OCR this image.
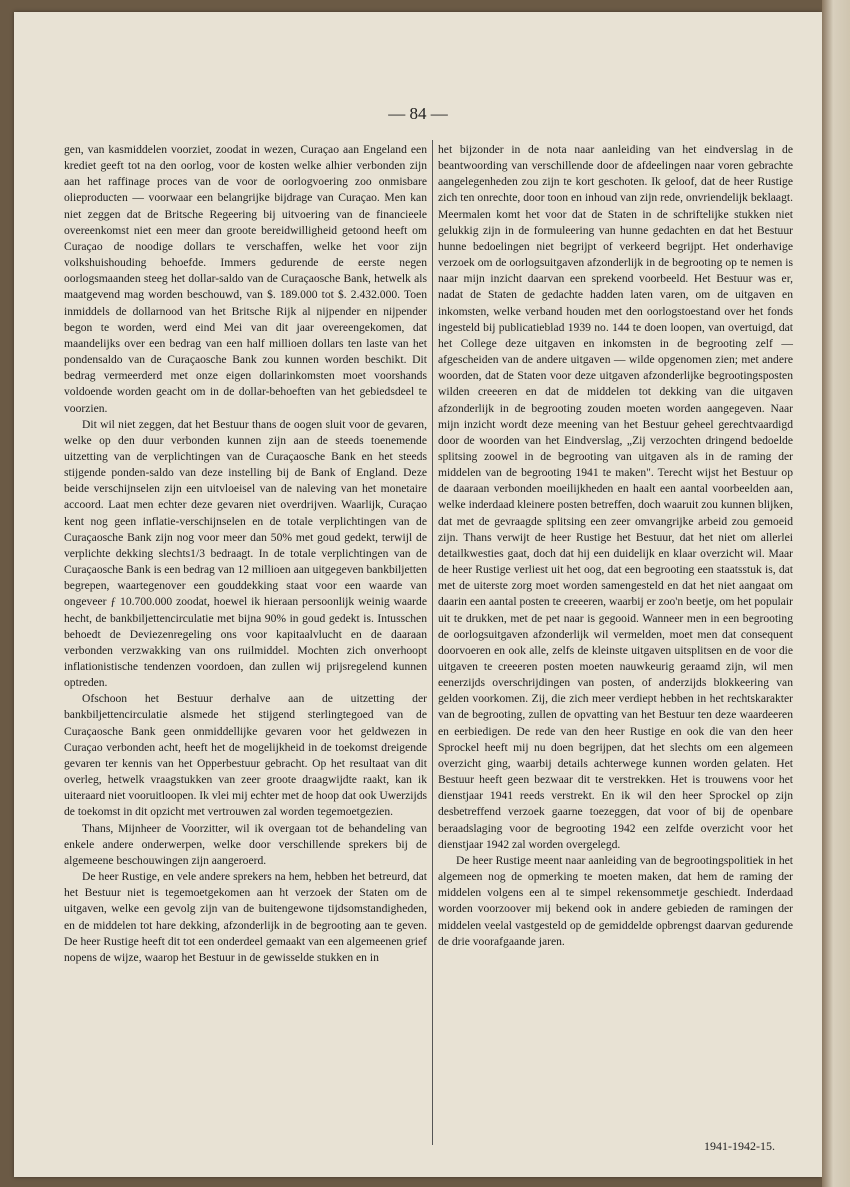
— 84 —

gen, van kasmiddelen voorziet, zoodat in wezen, Curaçao aan Engeland een krediet geeft tot na den oorlog, voor de kosten welke alhier verbonden zijn aan het raffinage proces van de voor de oorlogvoering zoo onmisbare olieproducten — voorwaar een belangrijke bijdrage van Curaçao. Men kan niet zeggen dat de Britsche Regeering bij uitvoering van de financieele overeenkomst niet een meer dan groote bereidwilligheid getoond heeft om Curaçao de noodige dollars te verschaffen, welke het voor zijn volkshuishouding behoefde. Immers gedurende de eerste negen oorlogsmaanden steeg het dollar-saldo van de Curaçaosche Bank, hetwelk als maatgevend mag worden beschouwd, van $. 189.000 tot $. 2.432.000. Toen inmiddels de dollarnood van het Britsche Rijk al nijpender en nijpender begon te worden, werd eind Mei van dit jaar overeengekomen, dat maandelijks over een bedrag van een half millioen dollars ten laste van het pondensaldo van de Curaçaosche Bank zou kunnen worden beschikt. Dit bedrag vermeerderd met onze eigen dollarinkomsten moet voorshands voldoende worden geacht om in de dollar-behoeften van het gebiedsdeel te voorzien.

Dit wil niet zeggen, dat het Bestuur thans de oogen sluit voor de gevaren, welke op den duur verbonden kunnen zijn aan de steeds toenemende uitzetting van de verplichtingen van de Curaçaosche Bank en het steeds stijgende ponden-saldo van deze instelling bij de Bank of England. Deze beide verschijnselen zijn een uitvloeisel van de naleving van het monetaire accoord. Laat men echter deze gevaren niet overdrijven. Waarlijk, Curaçao kent nog geen inflatie-verschijnselen en de totale verplichtingen van de Curaçaosche Bank zijn nog voor meer dan 50% met goud gedekt, terwijl de verplichte dekking slechts1/3 bedraagt. In de totale verplichtingen van de Curaçaosche Bank is een bedrag van 12 millioen aan uitgegeven bankbiljetten begrepen, waartegenover een gouddekking staat voor een waarde van ongeveer ƒ 10.700.000 zoodat, hoewel ik hieraan persoonlijk weinig waarde hecht, de bankbiljettencirculatie met bijna 90% in goud gedekt is. Intusschen behoedt de Deviezenregeling ons voor kapitaalvlucht en de daaraan verbonden verzwakking van ons ruilmiddel. Mochten zich onverhoopt inflationistische tendenzen voordoen, dan zullen wij prijsregelend kunnen optreden.

Ofschoon het Bestuur derhalve aan de uitzetting der bankbiljettencirculatie alsmede het stijgend sterlingtegoed van de Curaçaosche Bank geen onmiddellijke gevaren voor het geldwezen in Curaçao verbonden acht, heeft het de mogelijkheid in de toekomst dreigende gevaren ter kennis van het Opperbestuur gebracht. Op het resultaat van dit overleg, hetwelk vraagstukken van zeer groote draagwijdte raakt, kan ik uiteraard niet vooruitloopen. Ik vlei mij echter met de hoop dat ook Uwerzijds de toekomst in dit opzicht met vertrouwen zal worden tegemoetgezien.

Thans, Mijnheer de Voorzitter, wil ik overgaan tot de behandeling van enkele andere onderwerpen, welke door verschillende sprekers bij de algemeene beschouwingen zijn aangeroerd.

De heer Rustige, en vele andere sprekers na hem, hebben het betreurd, dat het Bestuur niet is tegemoetgekomen aan ht verzoek der Staten om de uitgaven, welke een gevolg zijn van de buitengewone tijdsomstandigheden, en de middelen tot hare dekking, afzonderlijk in de begrooting aan te geven. De heer Rustige heeft dit tot een onderdeel gemaakt van een algemeenen grief nopens de wijze, waarop het Bestuur in de gewisselde stukken en in

het bijzonder in de nota naar aanleiding van het eindverslag in de beantwoording van verschillende door de afdeelingen naar voren gebrachte aangelegenheden zou zijn te kort geschoten. Ik geloof, dat de heer Rustige zich ten onrechte, door toon en inhoud van zijn rede, onvriendelijk beklaagt. Meermalen komt het voor dat de Staten in de schriftelijke stukken niet gelukkig zijn in de formuleering van hunne gedachten en dat het Bestuur hunne bedoelingen niet begrijpt of verkeerd begrijpt. Het onderhavige verzoek om de oorlogsuitgaven afzonderlijk in de begrooting op te nemen is naar mijn inzicht daarvan een sprekend voorbeeld. Het Bestuur was er, nadat de Staten de gedachte hadden laten varen, om de uitgaven en inkomsten, welke verband houden met den oorlogstoestand over het fonds ingesteld bij publicatieblad 1939 no. 144 te doen loopen, van overtuigd, dat het College deze uitgaven en inkomsten in de begrooting zelf —afgescheiden van de andere uitgaven — wilde opgenomen zien; met andere woorden, dat de Staten voor deze uitgaven afzonderlijke begrootingsposten wilden creeeren en dat de middelen tot dekking van die uitgaven afzonderlijk in de begrooting zouden moeten worden aangegeven. Naar mijn inzicht wordt deze meening van het Bestuur geheel gerechtvaardigd door de woorden van het Eindverslag, „Zij verzochten dringend bedoelde splitsing zoowel in de begrooting van uitgaven als in de raming der middelen van de begrooting 1941 te maken". Terecht wijst het Bestuur op de daaraan verbonden moeilijkheden en haalt een aantal voorbeelden aan, welke inderdaad kleinere posten betreffen, doch waaruit zou kunnen blijken, dat met de gevraagde splitsing een zeer omvangrijke arbeid zou gemoeid zijn. Thans verwijt de heer Rustige het Bestuur, dat het niet om allerlei detailkwesties gaat, doch dat hij een duidelijk en klaar overzicht wil. Maar de heer Rustige verliest uit het oog, dat een begrooting een staatsstuk is, dat met de uiterste zorg moet worden samengesteld en dat het niet aangaat om daarin een aantal posten te creeeren, waarbij er zoo'n beetje, om het populair uit te drukken, met de pet naar is gegooid. Wanneer men in een begrooting de oorlogsuitgaven afzonderlijk wil vermelden, moet men dat consequent doorvoeren en ook alle, zelfs de kleinste uitgaven uitsplitsen en de voor die uitgaven te creeeren posten moeten nauwkeurig geraamd zijn, wil men eenerzijds overschrijdingen van posten, of anderzijds blokkeering van gelden voorkomen. Zij, die zich meer verdiept hebben in het rechtskarakter van de begrooting, zullen de opvatting van het Bestuur ten deze waardeeren en eerbiedigen. De rede van den heer Rustige en ook die van den heer Sprockel heeft mij nu doen begrijpen, dat het slechts om een algemeen overzicht ging, waarbij details achterwege kunnen worden gelaten. Het Bestuur heeft geen bezwaar dit te verstrekken. Het is trouwens voor het dienstjaar 1941 reeds verstrekt. En ik wil den heer Sprockel op zijn desbetreffend verzoek gaarne toezeggen, dat voor of bij de openbare beraadslaging voor de begrooting 1942 een zelfde overzicht voor het dienstjaar 1942 zal worden overgelegd.

De heer Rustige meent naar aanleiding van de begrootingspolitiek in het algemeen nog de opmerking te moeten maken, dat hem de raming der middelen volgens een al te simpel rekensommetje geschiedt. Inderdaad worden voorzoover mij bekend ook in andere gebieden de ramingen der middelen veelal vastgesteld op de gemiddelde opbrengst daarvan gedurende de drie voorafgaande jaren.

1941-1942-15.
